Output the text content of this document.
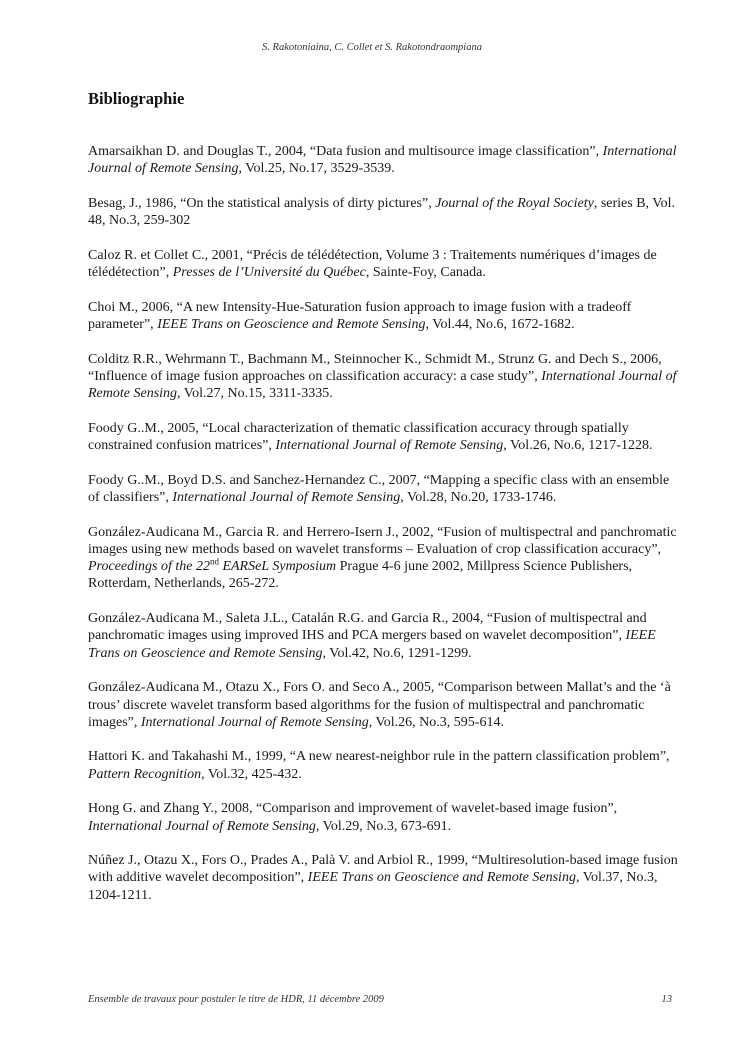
S. Rakotoniaina, C. Collet et S. Rakotondraompiana
Bibliographie

Amarsaikhan D. and Douglas T., 2004, “Data fusion and multisource image classification”, International Journal of Remote Sensing, Vol.25, No.17, 3529-3539.

Besag, J., 1986, “On the statistical analysis of dirty pictures”, Journal of the Royal Society, series B, Vol. 48, No.3, 259-302

Caloz R. et Collet C., 2001, “Précis de télédétection, Volume 3 : Traitements numériques d’images de télédétection”, Presses de l’Université du Québec, Sainte-Foy, Canada.

Choi M., 2006, “A new Intensity-Hue-Saturation fusion approach to image fusion with a tradeoff parameter”, IEEE Trans on Geoscience and Remote Sensing, Vol.44, No.6, 1672-1682.

Colditz R.R., Wehrmann T., Bachmann M., Steinnocher K., Schmidt M., Strunz G. and Dech S., 2006, “Influence of image fusion approaches on classification accuracy: a case study”, International Journal of Remote Sensing, Vol.27, No.15, 3311-3335.

Foody G..M., 2005, “Local characterization of thematic classification accuracy through spatially constrained confusion matrices”, International Journal of Remote Sensing, Vol.26, No.6, 1217-1228.

Foody G..M., Boyd D.S. and Sanchez-Hernandez C., 2007, “Mapping a specific class with an ensemble of classifiers”, International Journal of Remote Sensing, Vol.28, No.20, 1733-1746.

González-Audicana M., Garcia R. and Herrero-Isern J., 2002, “Fusion of multispectral and panchromatic images using new methods based on wavelet transforms – Evaluation of crop classification accuracy”, Proceedings of the 22nd EARSeL Symposium Prague 4-6 june 2002, Millpress Science Publishers, Rotterdam, Netherlands, 265-272.

González-Audicana M., Saleta J.L., Catalán R.G. and Garcia R., 2004, “Fusion of multispectral and panchromatic images using improved IHS and PCA mergers based on wavelet decomposition”, IEEE Trans on Geoscience and Remote Sensing, Vol.42, No.6, 1291-1299.

González-Audicana M., Otazu X., Fors O. and Seco A., 2005, “Comparison between Mallat’s and the ‘à trous’ discrete wavelet transform based algorithms for the fusion of multispectral and panchromatic images”, International Journal of Remote Sensing, Vol.26, No.3, 595-614.

Hattori K. and Takahashi M., 1999, “A new nearest-neighbor rule in the pattern classification problem”, Pattern Recognition, Vol.32, 425-432.

Hong G. and Zhang Y., 2008, “Comparison and improvement of wavelet-based image fusion”, International Journal of Remote Sensing, Vol.29, No.3, 673-691.

Núñez J., Otazu X., Fors O., Prades A., Palà V. and Arbiol R., 1999, “Multiresolution-based image fusion with additive wavelet decomposition”, IEEE Trans on Geoscience and Remote Sensing, Vol.37, No.3, 1204-1211.

Ensemble de travaux pour postuler le titre de HDR, 11 décembre 2009	13
